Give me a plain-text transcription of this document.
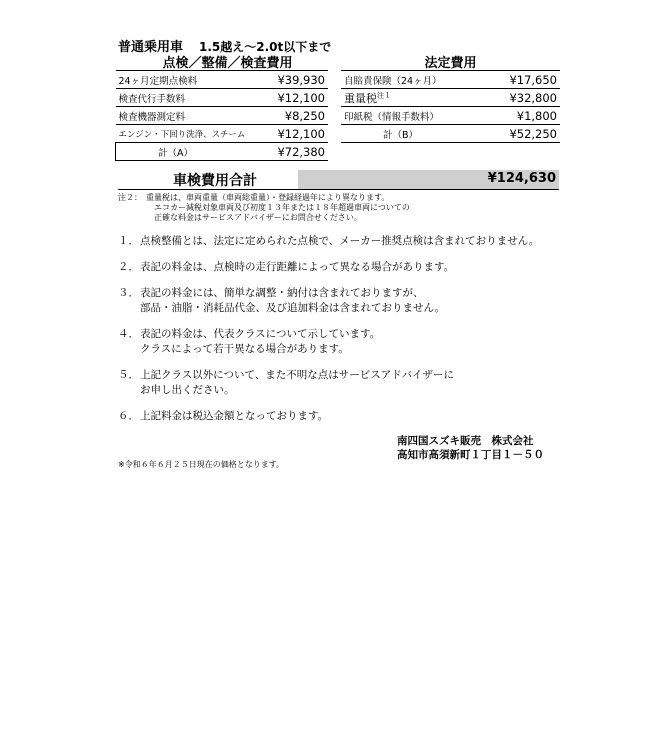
普通乗用車 1.5越え～2.0t以下まで
点検／整備／検査費用
24ヶ月定期点検料	¥39,930
検査代行手数料	¥12,100
検査機器測定料	¥8,250
エンジン・下回り洗浄、スチーム	¥12,100
計（A）	¥72,380
法定費用
自賠責保険（24ヶ月）	¥17,650
重量税$^{注1}$	¥32,800
印紙税（情報手数料）	¥1,800
計（B）	¥52,250
車検費用合計	¥124,630
注２： 重量税は、車両重量（車両総重量）・登録経過年により異なります。
エコカー減税対象車両及び初度１３年または１８年超過車両についての
正確な料金はサービスアドバイザーにお問合せください。
１． 点検整備とは、法定に定められた点検で、メーカー推奨点検は含まれておりません。
２． 表記の料金は、点検時の走行距離によって異なる場合があります。
３． 表記の料金には、簡単な調整・納付は含まれておりますが、
部品・油脂・消耗品代金、及び追加料金は含まれておりません。
４． 表記の料金は、代表クラスについて示しています。
クラスによって若干異なる場合があります。
５． 上記クラス以外について、また不明な点はサービスアドバイザーに
お申し出ください。
６． 上記料金は税込金額となっております。
南四国スズキ販売　株式会社
高知市高須新町１丁目１－５０
※令和６年６月２５日現在の価格となります。
